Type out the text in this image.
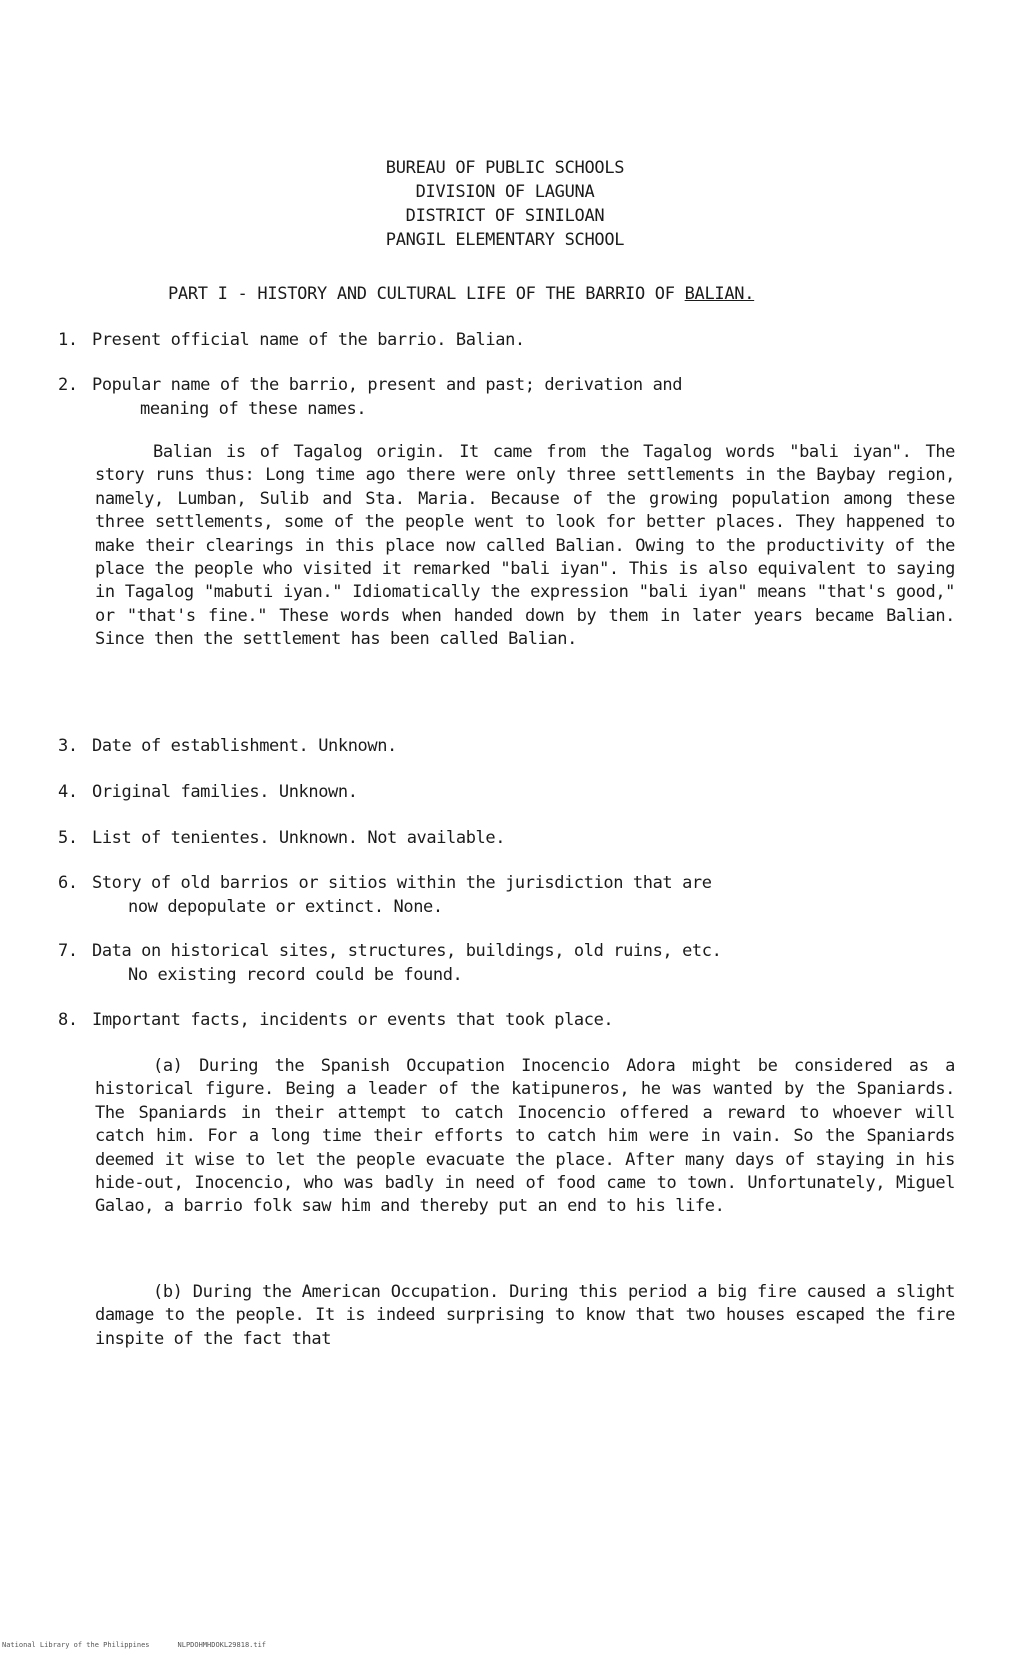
BUREAU OF PUBLIC SCHOOLS
DIVISION OF LAGUNA
DISTRICT OF SINILOAN
PANGIL ELEMENTARY SCHOOL
PART I - HISTORY AND CULTURAL LIFE OF THE BARRIO OF BALIAN.
1. Present official name of the barrio. Balian.
2. Popular name of the barrio, present and past; derivation and
meaning of these names.
Balian is of Tagalog origin. It came from the Tagalog words "bali iyan". The story runs thus: Long time ago there were only three settlements in the Baybay region, namely, Lumban, Sulib and Sta. Maria. Because of the growing population among these three settlements, some of the people went to look for better places. They happened to make their clearings in this place now called Balian. Owing to the productivity of the place the people who visited it remarked "bali iyan". This is also equivalent to saying in Tagalog "mabuti iyan." Idiomatically the expression "bali iyan" means "that's good," or "that's fine." These words when handed down by them in later years became Balian. Since then the settlement has been called Balian.
3. Date of establishment. Unknown.
4. Original families. Unknown.
5. List of tenientes. Unknown. Not available.
6. Story of old barrios or sitios within the jurisdiction that are
now depopulate or extinct. None.
7. Data on historical sites, structures, buildings, old ruins, etc.
No existing record could be found.
8. Important facts, incidents or events that took place.
(a) During the Spanish Occupation Inocencio Adora might be considered as a historical figure. Being a leader of the katipuneros, he was wanted by the Spaniards. The Spaniards in their attempt to catch Inocencio offered a reward to whoever will catch him. For a long time their efforts to catch him were in vain. So the Spaniards deemed it wise to let the people evacuate the place. After many days of staying in his hide-out, Inocencio, who was badly in need of food came to town. Unfortunately, Miguel Galao, a barrio folk saw him and thereby put an end to his life.
(b) During the American Occupation. During this period a big fire caused a slight damage to the people. It is indeed surprising to know that two houses escaped the fire inspite of the fact that
National Library of the Philippines	NLPDOHMHDOKL29818.tif
